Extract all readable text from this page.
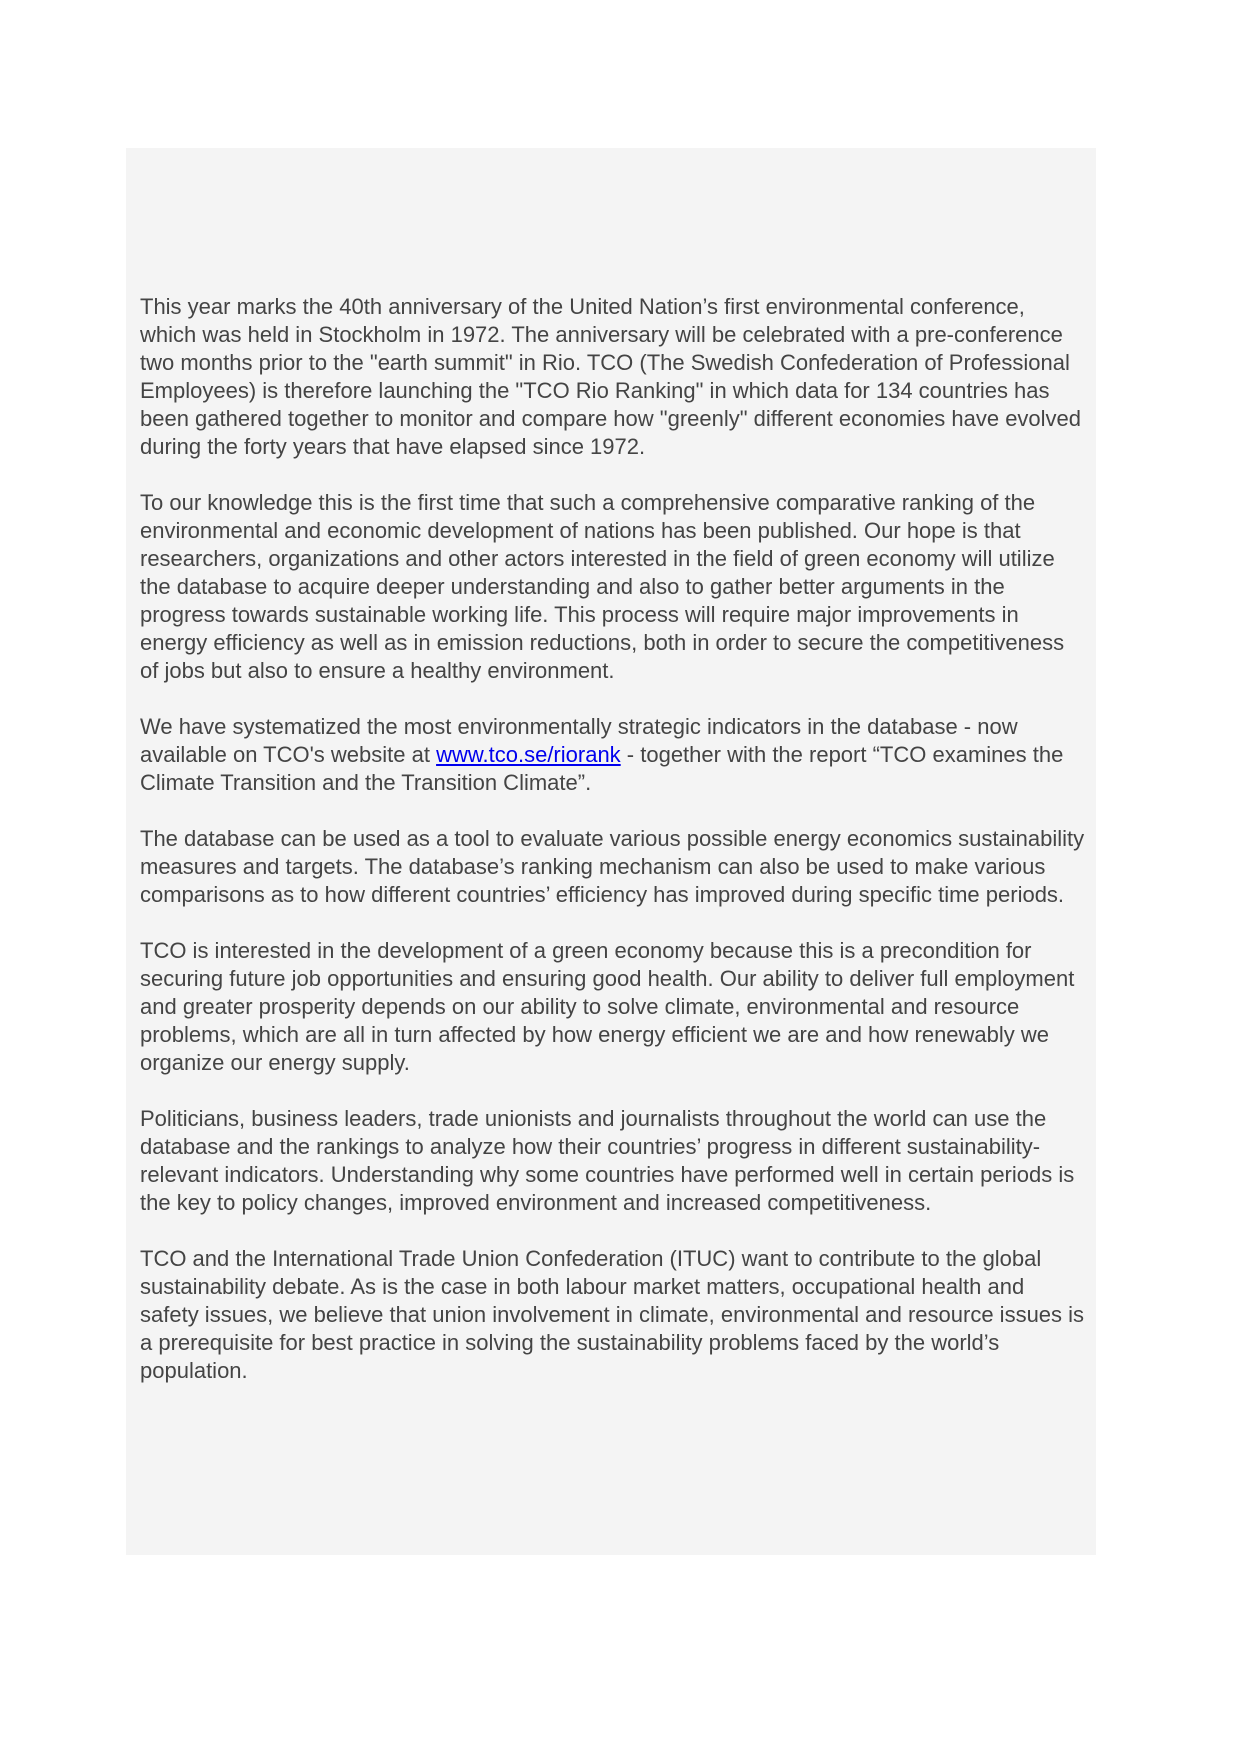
This year marks the 40th anniversary of the United Nation’s first environmental conference, which was held in Stockholm in 1972. The anniversary will be celebrated with a pre-conference two months prior to the "earth summit" in Rio. TCO (The Swedish Confederation of Professional Employees) is therefore launching the "TCO Rio Ranking" in which data for 134 countries has been gathered together to monitor and compare how "greenly" different economies have evolved during the forty years that have elapsed since 1972.

To our knowledge this is the first time that such a comprehensive comparative ranking of the environmental and economic development of nations has been published. Our hope is that researchers, organizations and other actors interested in the field of green economy will utilize the database to acquire deeper understanding and also to gather better arguments in the progress towards sustainable working life. This process will require major improvements in energy efficiency as well as in emission reductions, both in order to secure the competitiveness of jobs but also to ensure a healthy environment.

We have systematized the most environmentally strategic indicators in the database - now available on TCO's website at www.tco.se/riorank - together with the report “TCO examines the Climate Transition and the Transition Climate”.

The database can be used as a tool to evaluate various possible energy economics sustainability measures and targets. The database’s ranking mechanism can also be used to make various comparisons as to how different countries’ efficiency has improved during specific time periods.

TCO is interested in the development of a green economy because this is a precondition for securing future job opportunities and ensuring good health. Our ability to deliver full employment and greater prosperity depends on our ability to solve climate, environmental and resource problems, which are all in turn affected by how energy efficient we are and how renewably we organize our energy supply.

Politicians, business leaders, trade unionists and journalists throughout the world can use the database and the rankings to analyze how their countries’ progress in different sustainability-relevant indicators. Understanding why some countries have performed well in certain periods is the key to policy changes, improved environment and increased competitiveness.

TCO and the International Trade Union Confederation (ITUC) want to contribute to the global sustainability debate. As is the case in both labour market matters, occupational health and safety issues, we believe that union involvement in climate, environmental and resource issues is a prerequisite for best practice in solving the sustainability problems faced by the world’s population.
